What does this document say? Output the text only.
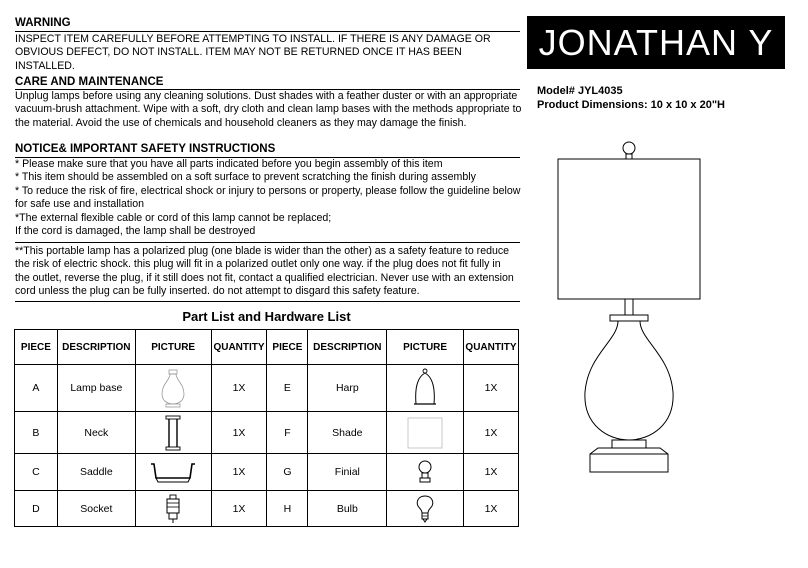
WARNING
INSPECT ITEM CAREFULLY BEFORE ATTEMPTING TO INSTALL. IF THERE IS ANY DAMAGE OR
OBVIOUS DEFECT, DO NOT INSTALL. ITEM MAY NOT BE RETURNED ONCE IT HAS BEEN
INSTALLED.
CARE AND MAINTENANCE
Unplug lamps before using any cleaning solutions. Dust shades with a feather duster or with an appropriate
vacuum-brush attachment. Wipe with a soft, dry cloth and clean lamp bases with the methods appropriate to
the material. Avoid the use of chemicals and household cleaners as they may damage the finish.
NOTICE& IMPORTANT SAFETY INSTRUCTIONS
* Please make sure that you have all parts indicated before you begin assembly of this item
* This item should be assembled on a soft surface to prevent scratching the finish during assembly
* To reduce the risk of fire, electrical shock or injury to persons or property, please follow the guideline below
for safe use and installation
*The external flexible cable or cord of this lamp cannot be replaced;
If the cord is damaged, the lamp shall be destroyed
**This portable lamp has a polarized plug (one blade is wider than the other) as a safety feature to reduce
the risk of electric shock. this plug will fit in a polarized outlet only one way. if the plug does not fit fully in
the outlet, reverse the plug, if it still does not fit, contact a qualified electrician. Never use with an extension
cord unless the plug can be fully inserted. do not attempt to disgard this safety feature.
JONATHAN Y
Model# JYL4035
Product Dimensions: 10 x 10 x 20"H
Part List and Hardware List
PIECE	DESCRIPTION	PICTURE	QUANTITY	PIECE	DESCRIPTION	PICTURE	QUANTITY
A	Lamp base		1X	E	Harp		1X
B	Neck		1X	F	Shade		1X
C	Saddle		1X	G	Finial		1X
D	Socket		1X	H	Bulb		1X
